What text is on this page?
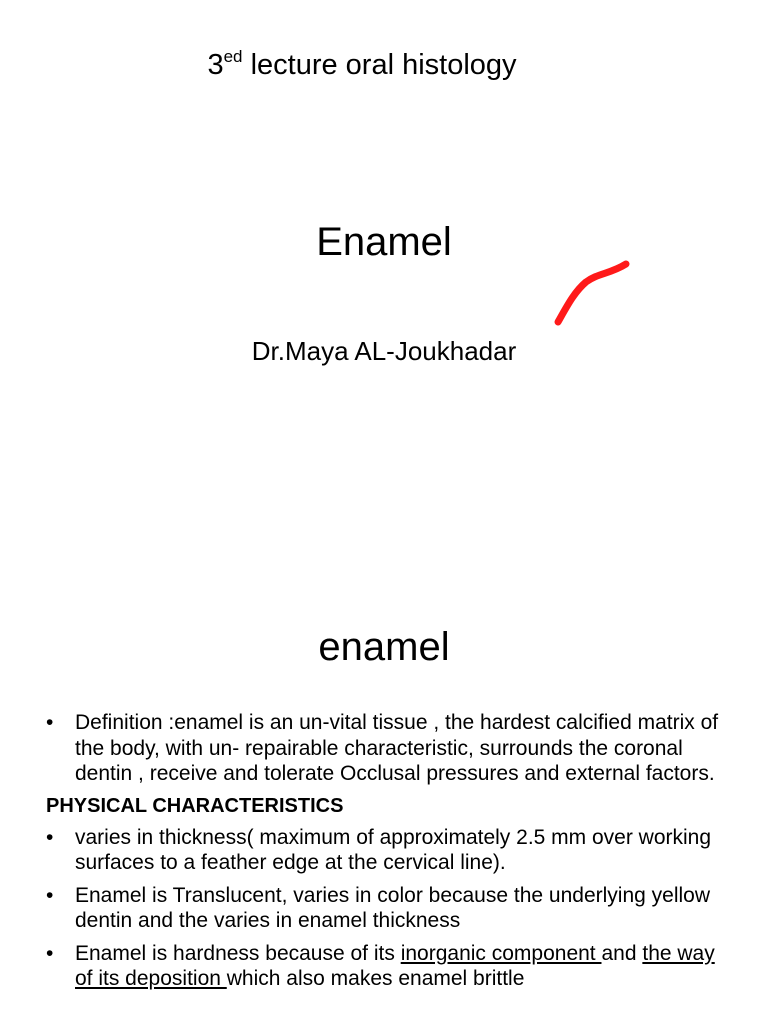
$3^{ed}$ lecture oral histology
Enamel
Dr.Maya AL-Joukhadar
enamel
• Definition :enamel is an un-vital tissue , the hardest calcified matrix of the body, with un- repairable characteristic, surrounds the coronal dentin , receive and tolerate Occlusal pressures and external factors.
PHYSICAL CHARACTERISTICS
• varies in thickness( maximum of approximately 2.5 mm over working surfaces to a feather edge at the cervical line).
• Enamel is Translucent, varies in color because the underlying yellow dentin and the varies in enamel thickness
• Enamel is hardness because of its inorganic component and the way of its deposition which also makes enamel brittle
